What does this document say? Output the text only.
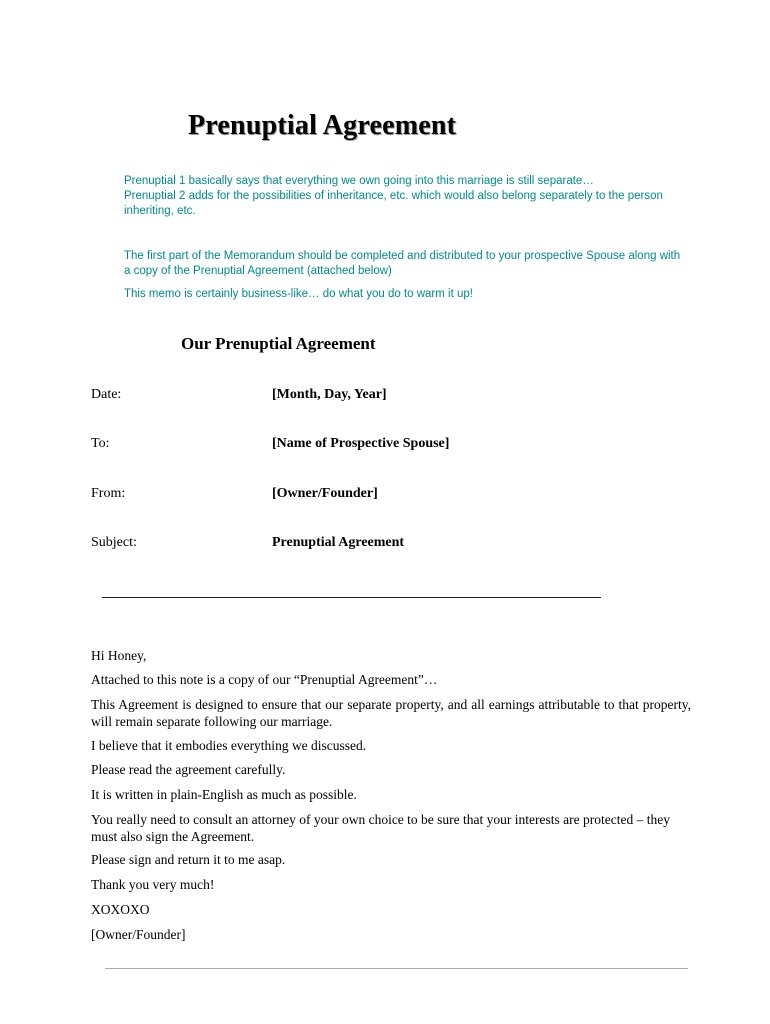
Prenuptial Agreement

Prenuptial 1 basically says that everything we own going into this marriage is still separate…

Prenuptial 2 adds for the possibilities of inheritance, etc. which would also belong separately to the person inheriting, etc.

The first part of the Memorandum should be completed and distributed to your prospective Spouse along with a copy of the Prenuptial Agreement (attached below)

This memo is certainly business-like… do what you do to warm it up!

Our Prenuptial Agreement
Date:	[Month, Day, Year]
To:	[Name of Prospective Spouse]
From:	[Owner/Founder]
Subject:	Prenuptial Agreement

Hi Honey,

Attached to this note is a copy of our “Prenuptial Agreement”…

This Agreement is designed to ensure that our separate property, and all earnings attributable to that property, will remain separate following our marriage.

I believe that it embodies everything we discussed.

Please read the agreement carefully.

It is written in plain-English as much as possible.

You really need to consult an attorney of your own choice to be sure that your interests are protected – they must also sign the Agreement.

Please sign and return it to me asap.

Thank you very much!

XOXOXO

[Owner/Founder]
